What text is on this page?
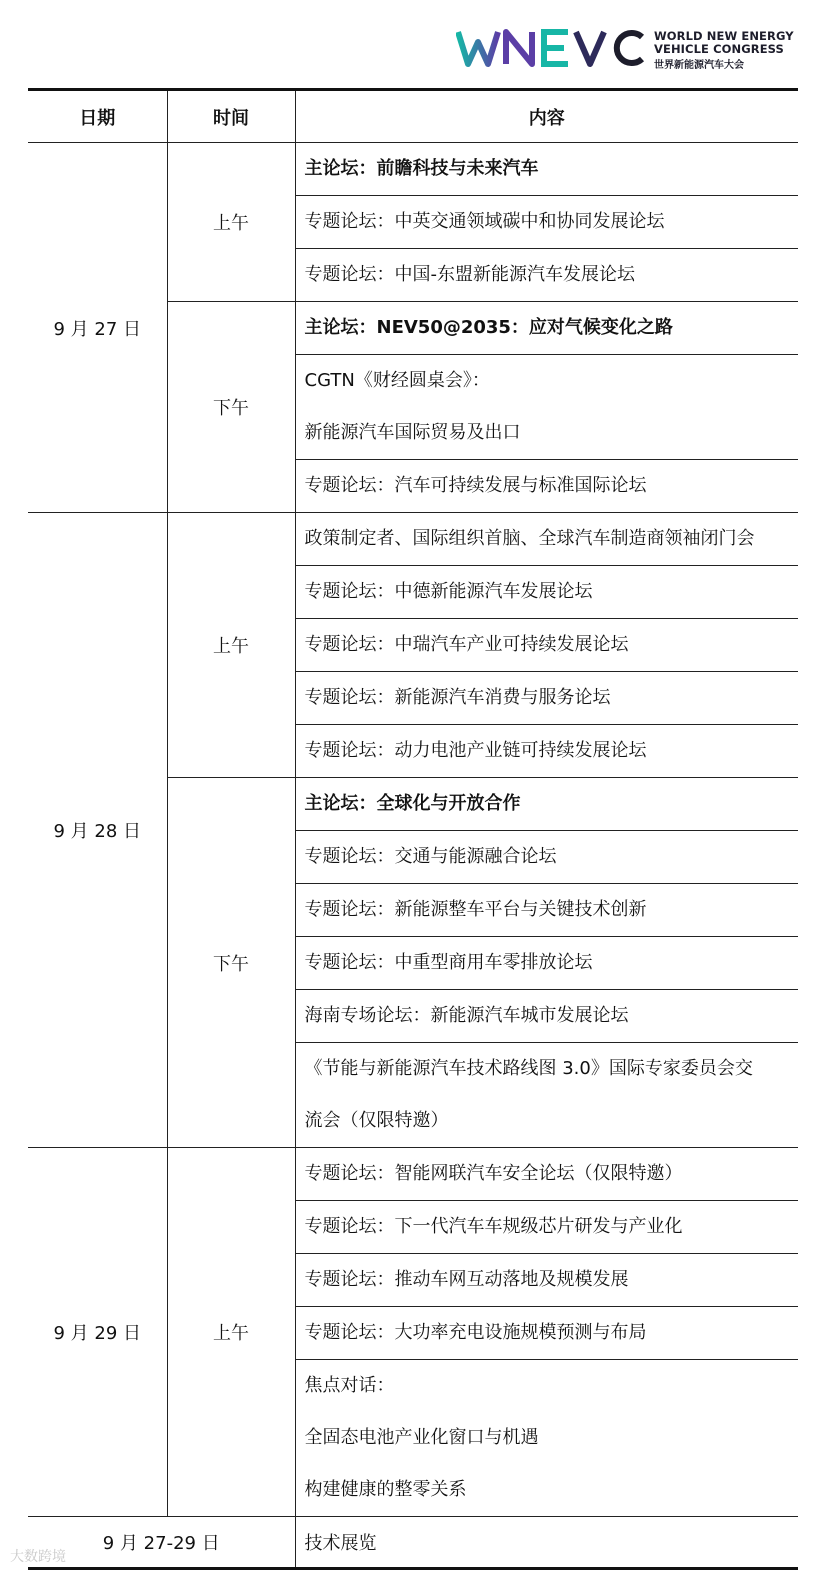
WORLD NEW ENERGY
VEHICLE CONGRESS
世界新能源汽车大会
日期	时间	内容
9 月 27 日	上午	主论坛：前瞻科技与未来汽车

		专题论坛：中英交通领域碳中和协同发展论坛

		专题论坛：中国-东盟新能源汽车发展论坛

	下午	主论坛：NEV50@2035：应对气候变化之路

		CGTN《财经圆桌会》：
新能源汽车国际贸易及出口

		专题论坛：汽车可持续发展与标准国际论坛

9 月 28 日	上午	政策制定者、国际组织首脑、全球汽车制造商领袖闭门会

		专题论坛：中德新能源汽车发展论坛

		专题论坛：中瑞汽车产业可持续发展论坛

		专题论坛：新能源汽车消费与服务论坛

		专题论坛：动力电池产业链可持续发展论坛

	下午	主论坛：全球化与开放合作

		专题论坛：交通与能源融合论坛

		专题论坛：新能源整车平台与关键技术创新

		专题论坛：中重型商用车零排放论坛

		海南专场论坛：新能源汽车城市发展论坛

		《节能与新能源汽车技术路线图 3.0》国际专家委员会交
流会（仅限特邀）

9 月 29 日	上午	专题论坛：智能网联汽车安全论坛（仅限特邀）

		专题论坛：下一代汽车车规级芯片研发与产业化

		专题论坛：推动车网互动落地及规模发展

		专题论坛：大功率充电设施规模预测与布局

		焦点对话：
全固态电池产业化窗口与机遇
构建健康的整零关系

9 月 27-29 日		技术展览
大数跨境
